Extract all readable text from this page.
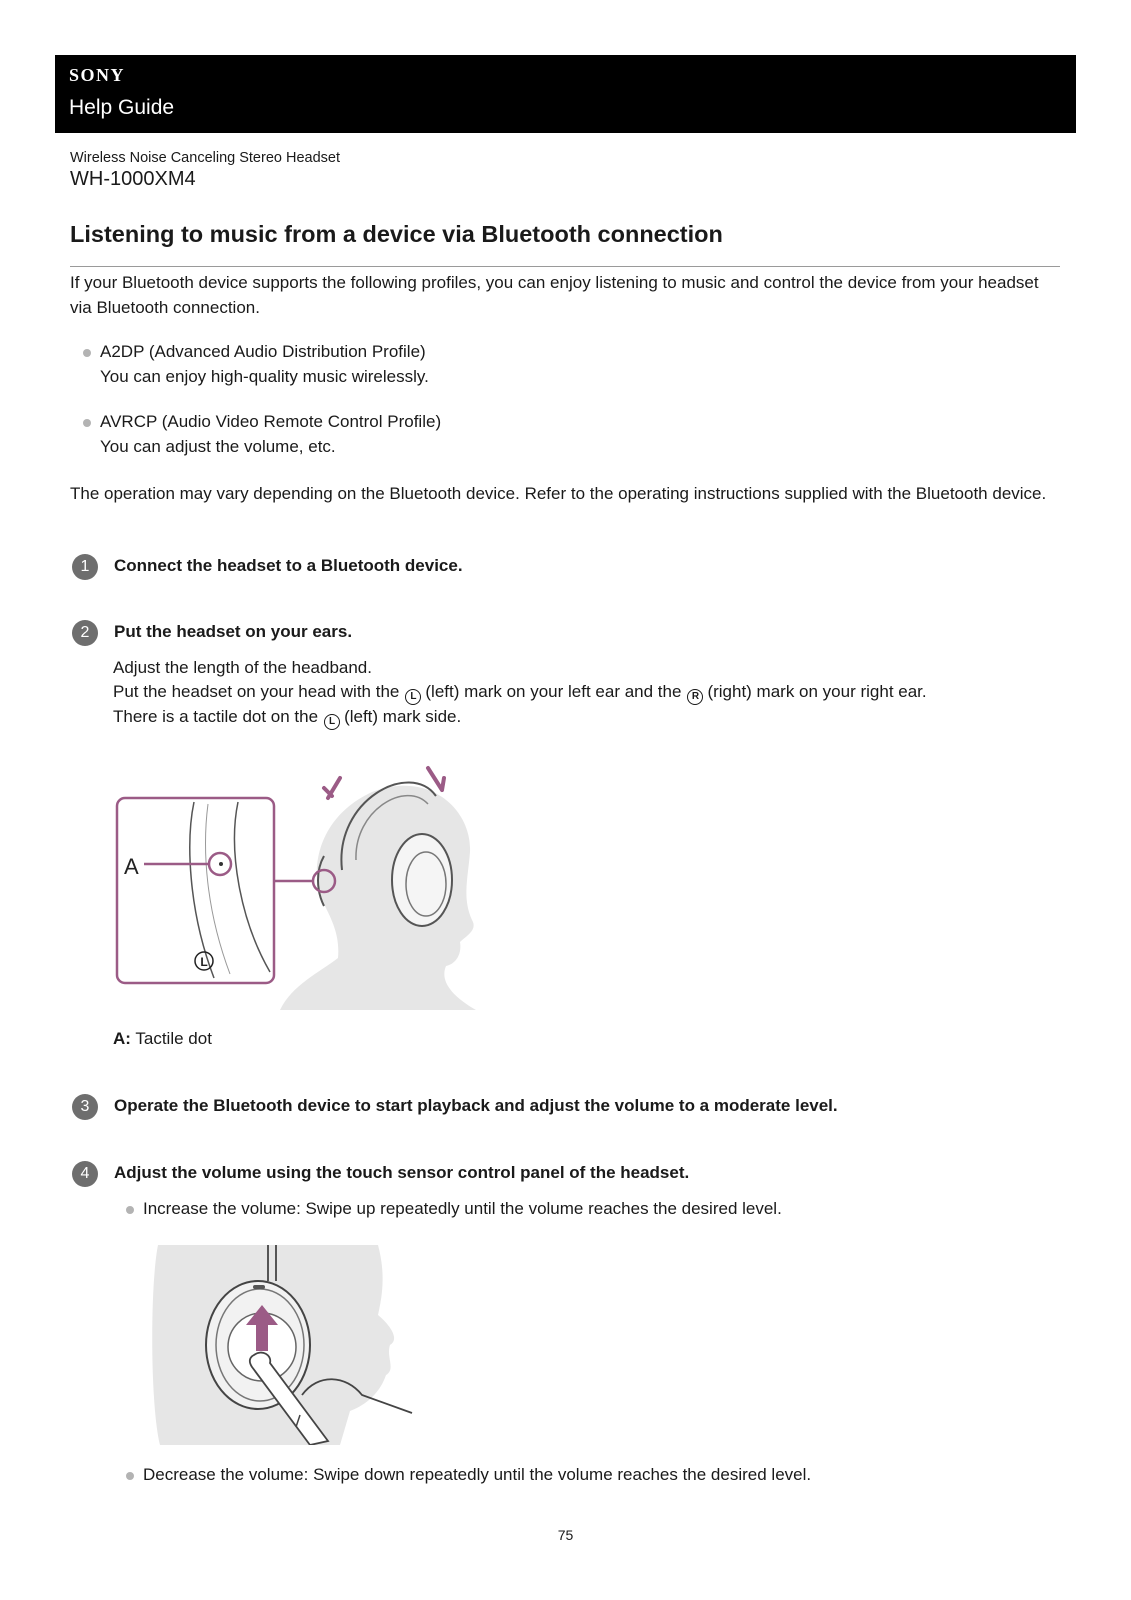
SONY
Help Guide
Wireless Noise Canceling Stereo Headset
WH-1000XM4
Listening to music from a device via Bluetooth connection

If your Bluetooth device supports the following profiles, you can enjoy listening to music and control the device from your headset via Bluetooth connection.

A2DP (Advanced Audio Distribution Profile)
You can enjoy high-quality music wirelessly.
AVRCP (Audio Video Remote Control Profile)
You can adjust the volume, etc.

The operation may vary depending on the Bluetooth device. Refer to the operating instructions supplied with the Bluetooth device.

1	Connect the headset to a Bluetooth device.
2	Put the headset on your ears.
Adjust the length of the headband.
Put the headset on your head with the L (left) mark on your left ear and the R (right) mark on your right ear.
There is a tactile dot on the L (left) mark side.
A
L
A: Tactile dot
3	Operate the Bluetooth device to start playback and adjust the volume to a moderate level.
4	Adjust the volume using the touch sensor control panel of the headset.
Increase the volume: Swipe up repeatedly until the volume reaches the desired level.
Decrease the volume: Swipe down repeatedly until the volume reaches the desired level.
75
